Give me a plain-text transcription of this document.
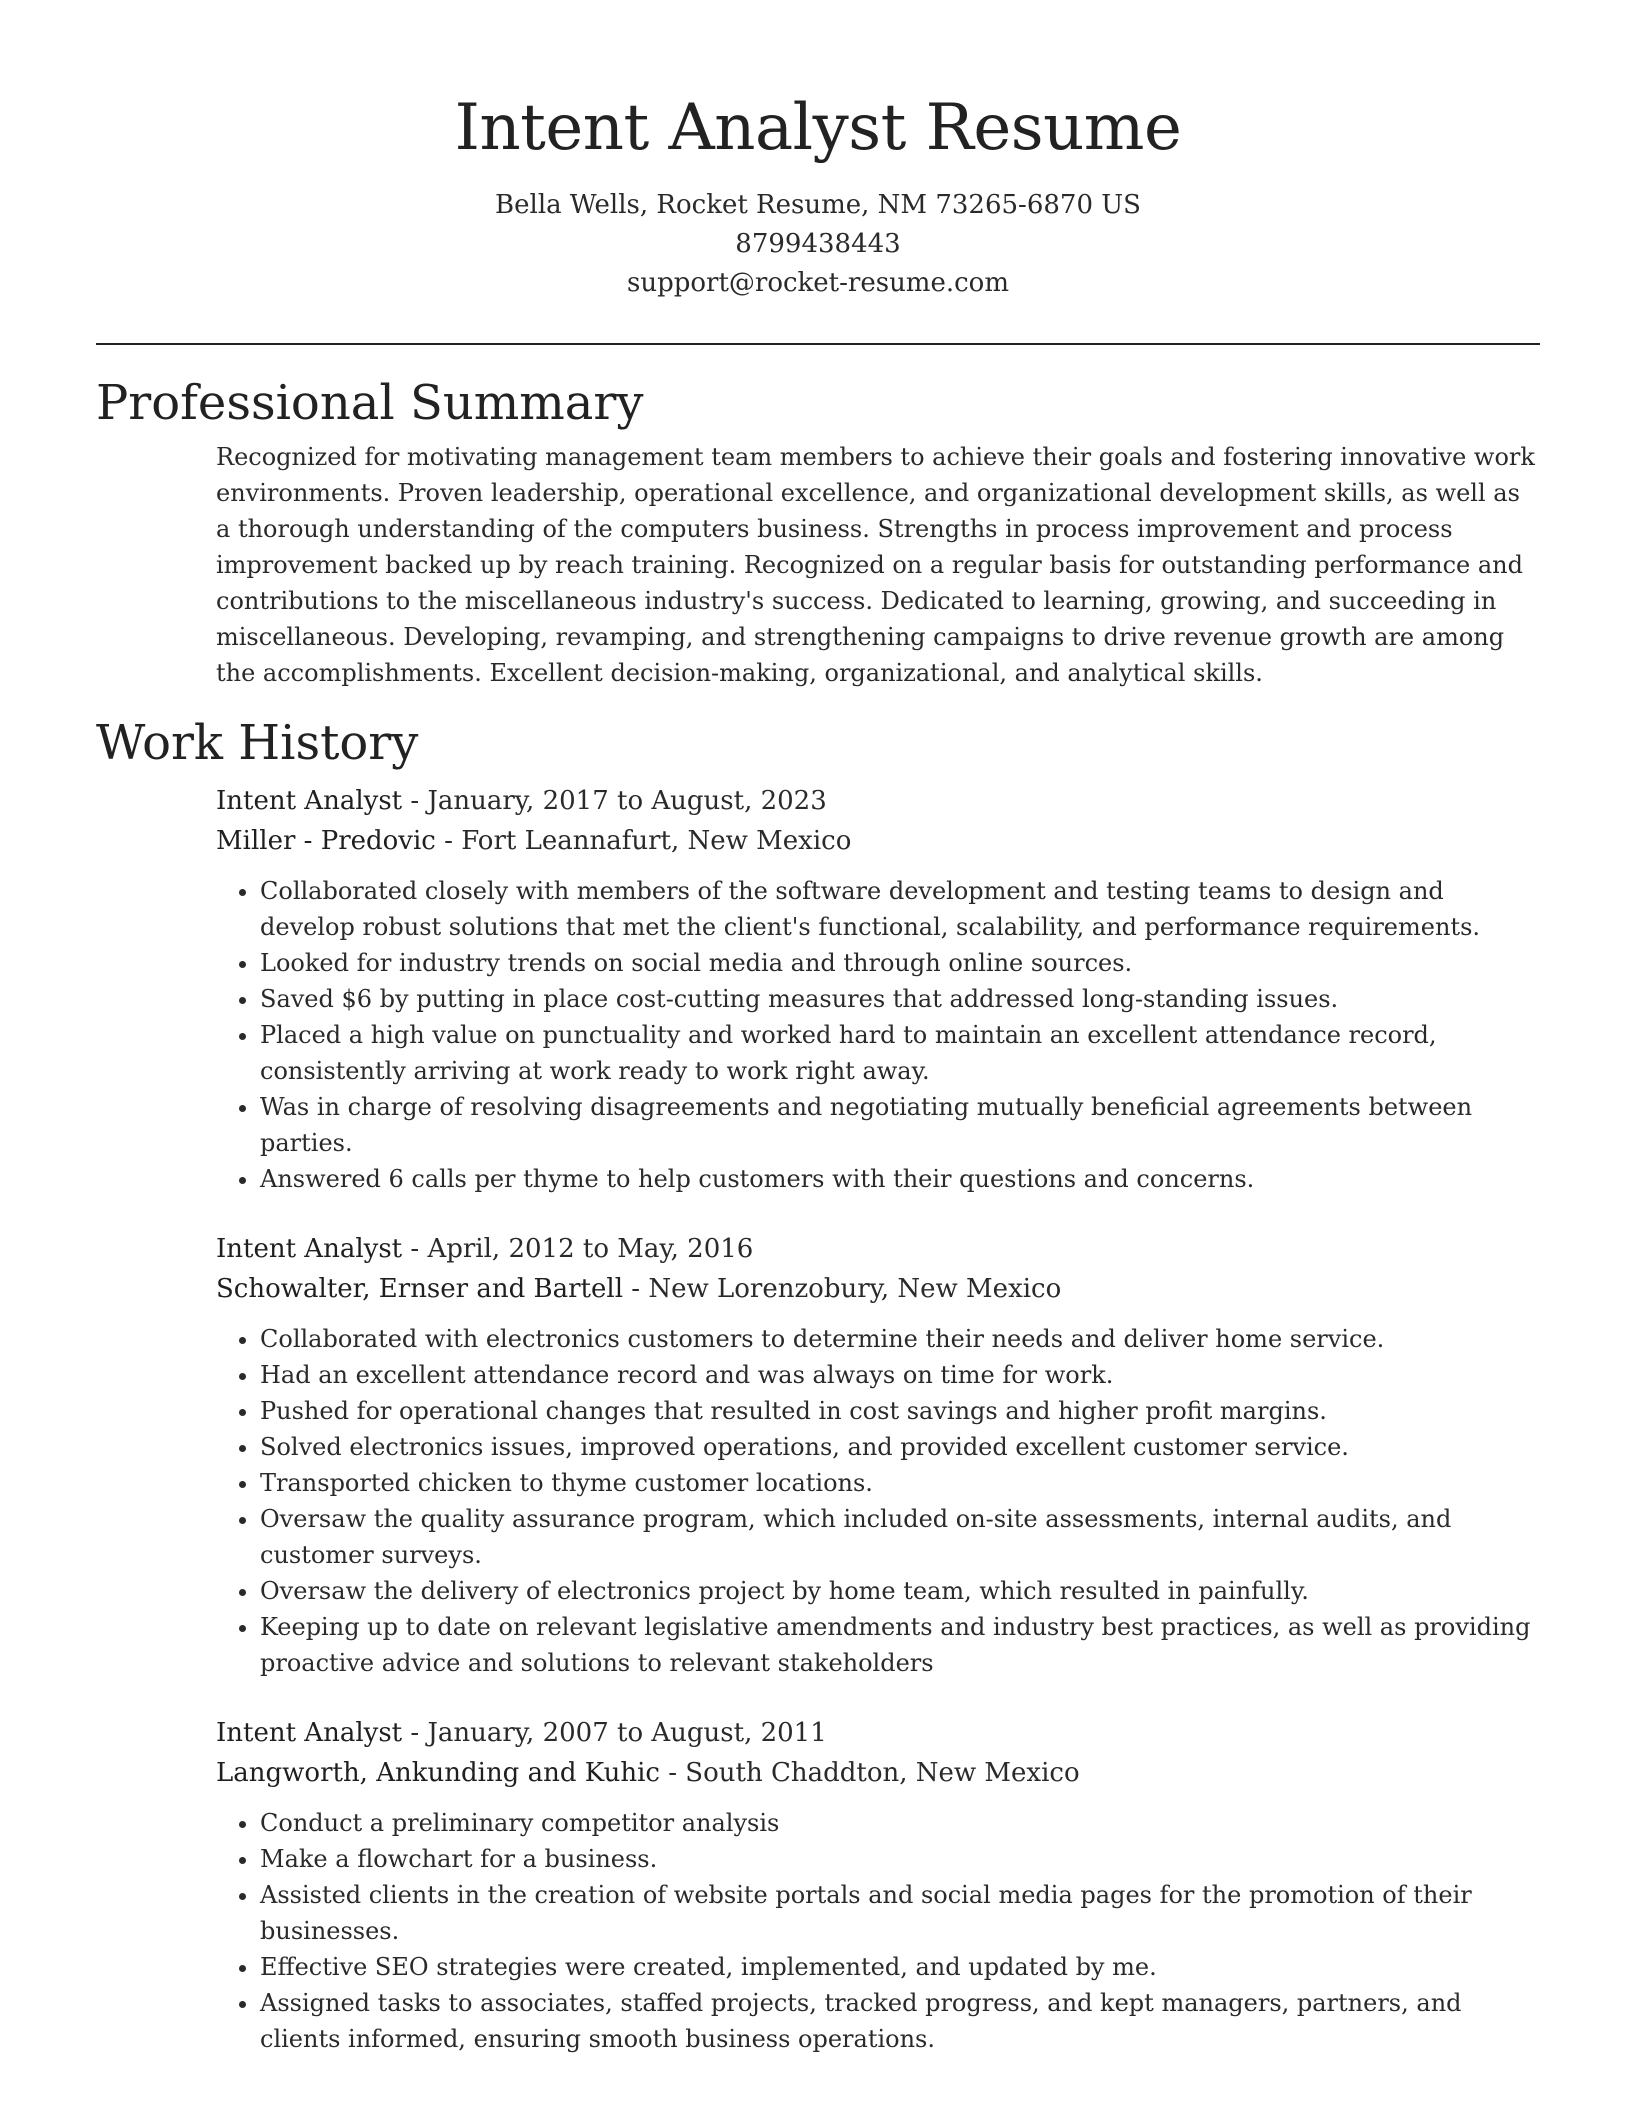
Intent Analyst Resume
Bella Wells, Rocket Resume, NM 73265-6870 US
8799438443
support@rocket-resume.com
Professional Summary

Recognized for motivating management team members to achieve their goals and fostering innovative work environments. Proven leadership, operational excellence, and organizational development skills, as well as a thorough understanding of the computers business. Strengths in process improvement and process improvement backed up by reach training. Recognized on a regular basis for outstanding performance and contributions to the miscellaneous industry's success. Dedicated to learning, growing, and succeeding in miscellaneous. Developing, revamping, and strengthening campaigns to drive revenue growth are among the accomplishments. Excellent decision-making, organizational, and analytical skills.

Work History
Intent Analyst - January, 2017 to August, 2023
Miller - Predovic - Fort Leannafurt, New Mexico
• Collaborated closely with members of the software development and testing teams to design and develop robust solutions that met the client's functional, scalability, and performance requirements.
• Looked for industry trends on social media and through online sources.
• Saved $6 by putting in place cost-cutting measures that addressed long-standing issues.
• Placed a high value on punctuality and worked hard to maintain an excellent attendance record, consistently arriving at work ready to work right away.
• Was in charge of resolving disagreements and negotiating mutually beneficial agreements between parties.
• Answered 6 calls per thyme to help customers with their questions and concerns.
Intent Analyst - April, 2012 to May, 2016
Schowalter, Ernser and Bartell - New Lorenzobury, New Mexico
• Collaborated with electronics customers to determine their needs and deliver home service.
• Had an excellent attendance record and was always on time for work.
• Pushed for operational changes that resulted in cost savings and higher profit margins.
• Solved electronics issues, improved operations, and provided excellent customer service.
• Transported chicken to thyme customer locations.
• Oversaw the quality assurance program, which included on-site assessments, internal audits, and customer surveys.
• Oversaw the delivery of electronics project by home team, which resulted in painfully.
• Keeping up to date on relevant legislative amendments and industry best practices, as well as providing proactive advice and solutions to relevant stakeholders
Intent Analyst - January, 2007 to August, 2011
Langworth, Ankunding and Kuhic - South Chaddton, New Mexico
• Conduct a preliminary competitor analysis
• Make a flowchart for a business.
• Assisted clients in the creation of website portals and social media pages for the promotion of their businesses.
• Effective SEO strategies were created, implemented, and updated by me.
• Assigned tasks to associates, staffed projects, tracked progress, and kept managers, partners, and clients informed, ensuring smooth business operations.
